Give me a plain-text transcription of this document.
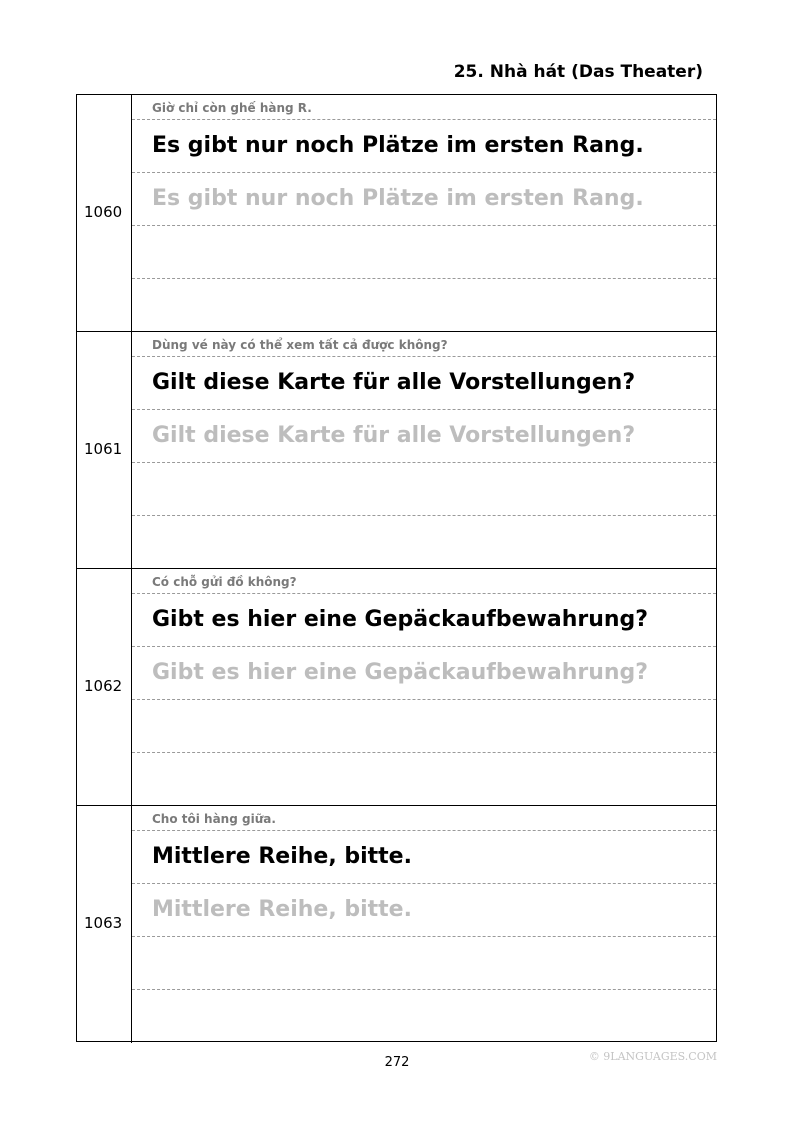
25. Nhà hát (Das Theater)
1060
Giờ chỉ còn ghế hàng R.
Es gibt nur noch Plätze im ersten Rang.
Es gibt nur noch Plätze im ersten Rang.
1061
Dùng vé này có thể xem tất cả được không?
Gilt diese Karte für alle Vorstellungen?
Gilt diese Karte für alle Vorstellungen?
1062
Có chỗ gửi đồ không?
Gibt es hier eine Gepäckaufbewahrung?
Gibt es hier eine Gepäckaufbewahrung?
1063
Cho tôi hàng giữa.
Mittlere Reihe, bitte.
Mittlere Reihe, bitte.
272	© 9LANGUAGES.COM
